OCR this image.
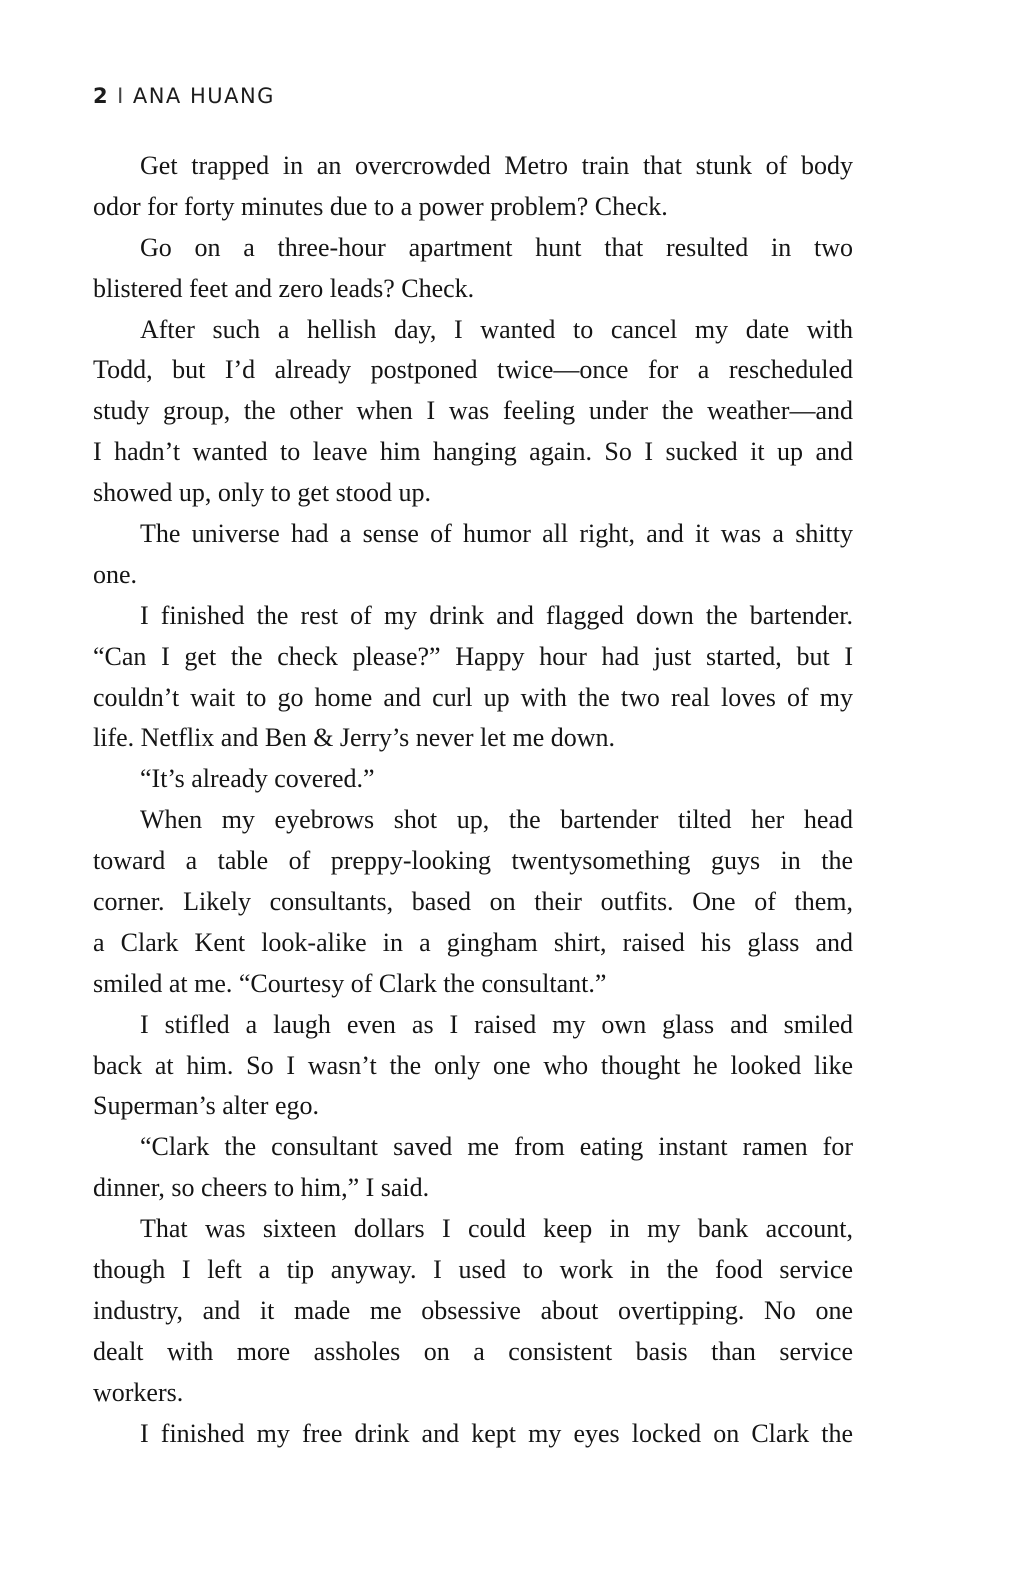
2 I ANA HUANG
Get trapped in an overcrowded Metro train that stunk of body
odor for forty minutes due to a power problem? Check.
Go on a three-hour apartment hunt that resulted in two
blistered feet and zero leads? Check.
After such a hellish day, I wanted to cancel my date with
Todd, but I’d already postponed twice—once for a rescheduled
study group, the other when I was feeling under the weather—and
I hadn’t wanted to leave him hanging again. So I sucked it up and
showed up, only to get stood up.
The universe had a sense of humor all right, and it was a shitty
one.
I finished the rest of my drink and flagged down the bartender.
“Can I get the check please?” Happy hour had just started, but I
couldn’t wait to go home and curl up with the two real loves of my
life. Netflix and Ben & Jerry’s never let me down.
“It’s already covered.”
When my eyebrows shot up, the bartender tilted her head
toward a table of preppy-looking twentysomething guys in the
corner. Likely consultants, based on their outfits. One of them,
a Clark Kent look-alike in a gingham shirt, raised his glass and
smiled at me. “Courtesy of Clark the consultant.”
I stifled a laugh even as I raised my own glass and smiled
back at him. So I wasn’t the only one who thought he looked like
Superman’s alter ego.
“Clark the consultant saved me from eating instant ramen for
dinner, so cheers to him,” I said.
That was sixteen dollars I could keep in my bank account,
though I left a tip anyway. I used to work in the food service
industry, and it made me obsessive about overtipping. No one
dealt with more assholes on a consistent basis than service
workers.
I finished my free drink and kept my eyes locked on Clark the
